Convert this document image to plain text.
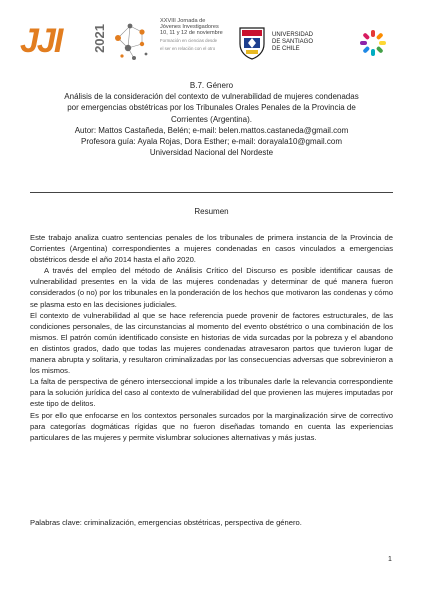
JJI 2021
XXVIII Jornada de
Jóvenes Investigadores
10, 11 y 12 de noviembre
Formación en ciencias desde
el ser en relación con el otro
UNIVERSIDAD
DE SANTIAGO
DE CHILE
B.7. Género
Análisis de la consideración del contexto de vulnerabilidad de mujeres condenadas
por emergencias obstétricas por los Tribunales Orales Penales de la Provincia de
Corrientes (Argentina).
Autor: Mattos Castañeda, Belén; e-mail: belen.mattos.castaneda@gmail.com
Profesora guía: Ayala Rojas, Dora Esther; e-mail: dorayala10@gmail.com
Universidad Nacional del Nordeste
Resumen

Este trabajo analiza cuatro sentencias penales de los tribunales de primera instancia de la Provincia de Corrientes (Argentina) correspondientes a mujeres condenadas en casos vinculados a emergencias obstétricos desde el año 2014 hasta el año 2020.

A través del empleo del método de Análisis Crítico del Discurso es posible identificar causas de vulnerabilidad presentes en la vida de las mujeres condenadas y determinar de qué manera fueron considerados (o no) por los tribunales en la ponderación de los hechos que motivaron las condenas y cómo se plasma esto en las decisiones judiciales.

El contexto de vulnerabilidad al que se hace referencia puede provenir de factores estructurales, de las condiciones personales, de las circunstancias al momento del evento obstétrico o una combinación de los mismos. El patrón común identificado consiste en historias de vida surcadas por la pobreza y el abandono en distintos grados, dado que todas las mujeres condenadas atravesaron partos que tuvieron lugar de manera abrupta y solitaria, y resultaron criminalizadas por las consecuencias adversas que sobrevinieron a los mismos.

La falta de perspectiva de género interseccional impide a los tribunales darle la relevancia correspondiente para la solución jurídica del caso al contexto de vulnerabilidad del que provienen las mujeres imputadas por este tipo de delitos.

Es por ello que enfocarse en los contextos personales surcados por la marginalización sirve de correctivo para categorías dogmáticas rígidas que no fueron diseñadas tomando en cuenta las experiencias particulares de las mujeres y permite vislumbrar soluciones alternativas y más justas.

Palabras clave: criminalización, emergencias obstétricas, perspectiva de género.
1
